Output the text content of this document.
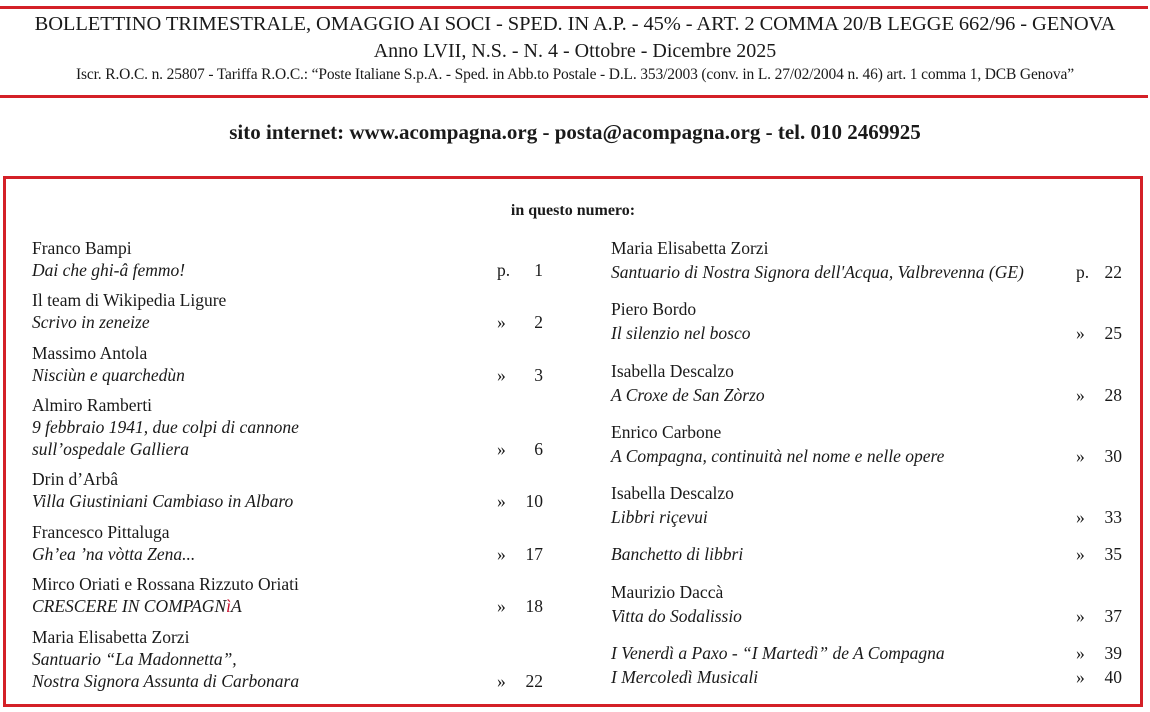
BOLLETTINO TRIMESTRALE, OMAGGIO AI SOCI - SPED. IN A.P. - 45% - ART. 2 COMMA 20/B LEGGE 662/96 - GENOVA
Anno LVII, N.S. - N. 4 - Ottobre - Dicembre 2025
Iscr. R.O.C. n. 25807 - Tariffa R.O.C.: “Poste Italiane S.p.A. - Sped. in Abb.to Postale - D.L. 353/2003 (conv. in L. 27/02/2004 n. 46) art. 1 comma 1, DCB Genova”
sito internet: www.acompagna.org - posta@acompagna.org - tel. 010 2469925
in questo numero:
Franco Bampi
Dai che ghi-â femmo!	p. 1
Il team di Wikipedia Ligure
Scrivo in zeneize	» 2
Massimo Antola
Nisciùn e quarchedùn	» 3
Almiro Ramberti
9 febbraio 1941, due colpi di cannone
sull’ospedale Galliera	» 6
Drin d’Arbâ
Villa Giustiniani Cambiaso in Albaro	» 10
Francesco Pittaluga
Gh’ea ’na vòtta Zena...	» 17
Mirco Oriati e Rossana Rizzuto Oriati
CRESCERE IN COMPAGNìA	» 18
Maria Elisabetta Zorzi
Santuario “La Madonnetta”,
Nostra Signora Assunta di Carbonara	» 22
Maria Elisabetta Zorzi
Santuario di Nostra Signora dell'Acqua, Valbrevenna (GE)	p. 22
Piero Bordo
Il silenzio nel bosco	» 25
Isabella Descalzo
A Croxe de San Zòrzo	» 28
Enrico Carbone
A Compagna, continuità nel nome e nelle opere	» 30
Isabella Descalzo
Libbri riçevui	» 33
Banchetto di libbri	» 35
Maurizio Daccà
Vitta do Sodalissio	» 37
I Venerdì a Paxo - “I Martedì” de A Compagna	» 39
I Mercoledì Musicali	» 40
